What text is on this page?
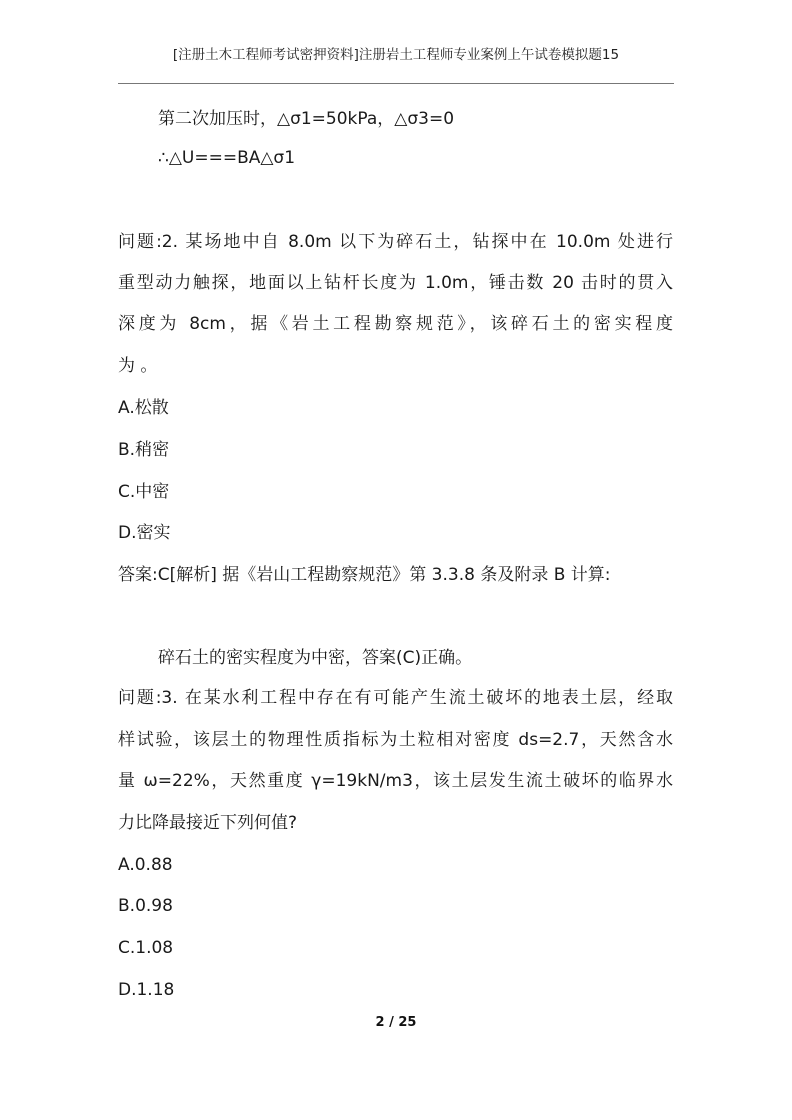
[注册土木工程师考试密押资料]注册岩土工程师专业案例上午试卷模拟题15
第二次加压时，△σ1=50kPa，△σ3=0
∴△U===BA△σ1
问题:2. 某场地中自 8.0m 以下为碎石土，钻探中在 10.0m 处进行
重型动力触探，地面以上钻杆长度为 1.0m，锤击数 20 击时的贯入
深度为 8cm，据《岩土工程勘察规范》，该碎石土的密实程度
为 。
A.松散
B.稍密
C.中密
D.密实
答案:C[解析] 据《岩山工程勘察规范》第 3.3.8 条及附录 B 计算:
碎石土的密实程度为中密，答案(C)正确。
问题:3. 在某水利工程中存在有可能产生流土破坏的地表土层，经取
样试验，该层土的物理性质指标为土粒相对密度 ds=2.7，天然含水
量 ω=22%，天然重度 γ=19kN/m3，该土层发生流土破坏的临界水
力比降最接近下列何值?
A.0.88
B.0.98
C.1.08
D.1.18
2 / 25
